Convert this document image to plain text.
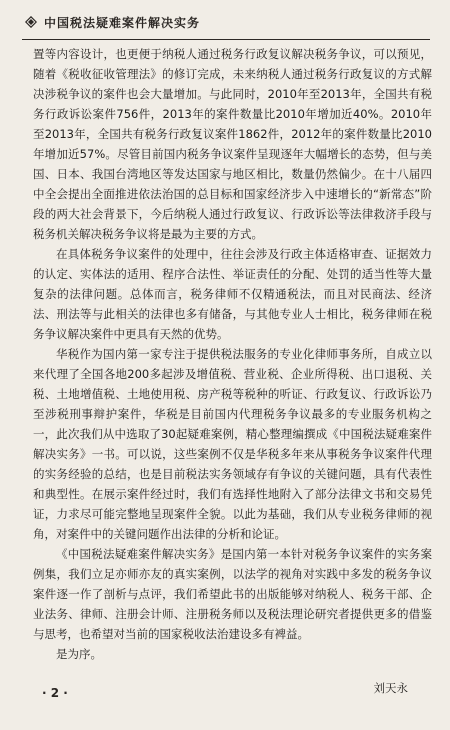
中国税法疑难案件解决实务

置等内容设计，也更便于纳税人通过税务行政复议解决税务争议，可以预见，随着《税收征收管理法》的修订完成，未来纳税人通过税务行政复议的方式解决涉税争议的案件也会大量增加。与此同时，2010年至2013年，全国共有税务行政诉讼案件756件，2013年的案件数量比2010年增加近40%。2010年至2013年，全国共有税务行政复议案件1862件，2012年的案件数量比2010年增加近57%。尽管目前国内税务争议案件呈现逐年大幅增长的态势，但与美国、日本、我国台湾地区等发达国家与地区相比，数量仍然偏少。在十八届四中全会提出全面推进依法治国的总目标和国家经济步入中速增长的“新常态”阶段的两大社会背景下，今后纳税人通过行政复议、行政诉讼等法律救济手段与税务机关解决税务争议将是最为主要的方式。

在具体税务争议案件的处理中，往往会涉及行政主体适格审查、证据效力的认定、实体法的适用、程序合法性、举证责任的分配、处罚的适当性等大量复杂的法律问题。总体而言，税务律师不仅精通税法，而且对民商法、经济法、刑法等与此相关的法律也多有储备，与其他专业人士相比，税务律师在税务争议解决案件中更具有天然的优势。

华税作为国内第一家专注于提供税法服务的专业化律师事务所，自成立以来代理了全国各地200多起涉及增值税、营业税、企业所得税、出口退税、关税、土地增值税、土地使用税、房产税等税种的听证、行政复议、行政诉讼乃至涉税刑事辩护案件，华税是目前国内代理税务争议最多的专业服务机构之一，此次我们从中选取了30起疑难案例，精心整理编撰成《中国税法疑难案件解决实务》一书。可以说，这些案例不仅是华税多年来从事税务争议案件代理的实务经验的总结，也是目前税法实务领域存有争议的关键问题，具有代表性和典型性。在展示案件经过时，我们有选择性地附入了部分法律文书和交易凭证，力求尽可能完整地呈现案件全貌。以此为基础，我们从专业税务律师的视角，对案件中的关键问题作出法律的分析和论证。

《中国税法疑难案件解决实务》是国内第一本针对税务争议案件的实务案例集，我们立足亦师亦友的真实案例，以法学的视角对实践中多发的税务争议案件逐一作了剖析与点评，我们希望此书的出版能够对纳税人、税务干部、企业法务、律师、注册会计师、注册税务师以及税法理论研究者提供更多的借鉴与思考，也希望对当前的国家税收法治建设多有裨益。

是为序。

刘天永
· 2 ·
